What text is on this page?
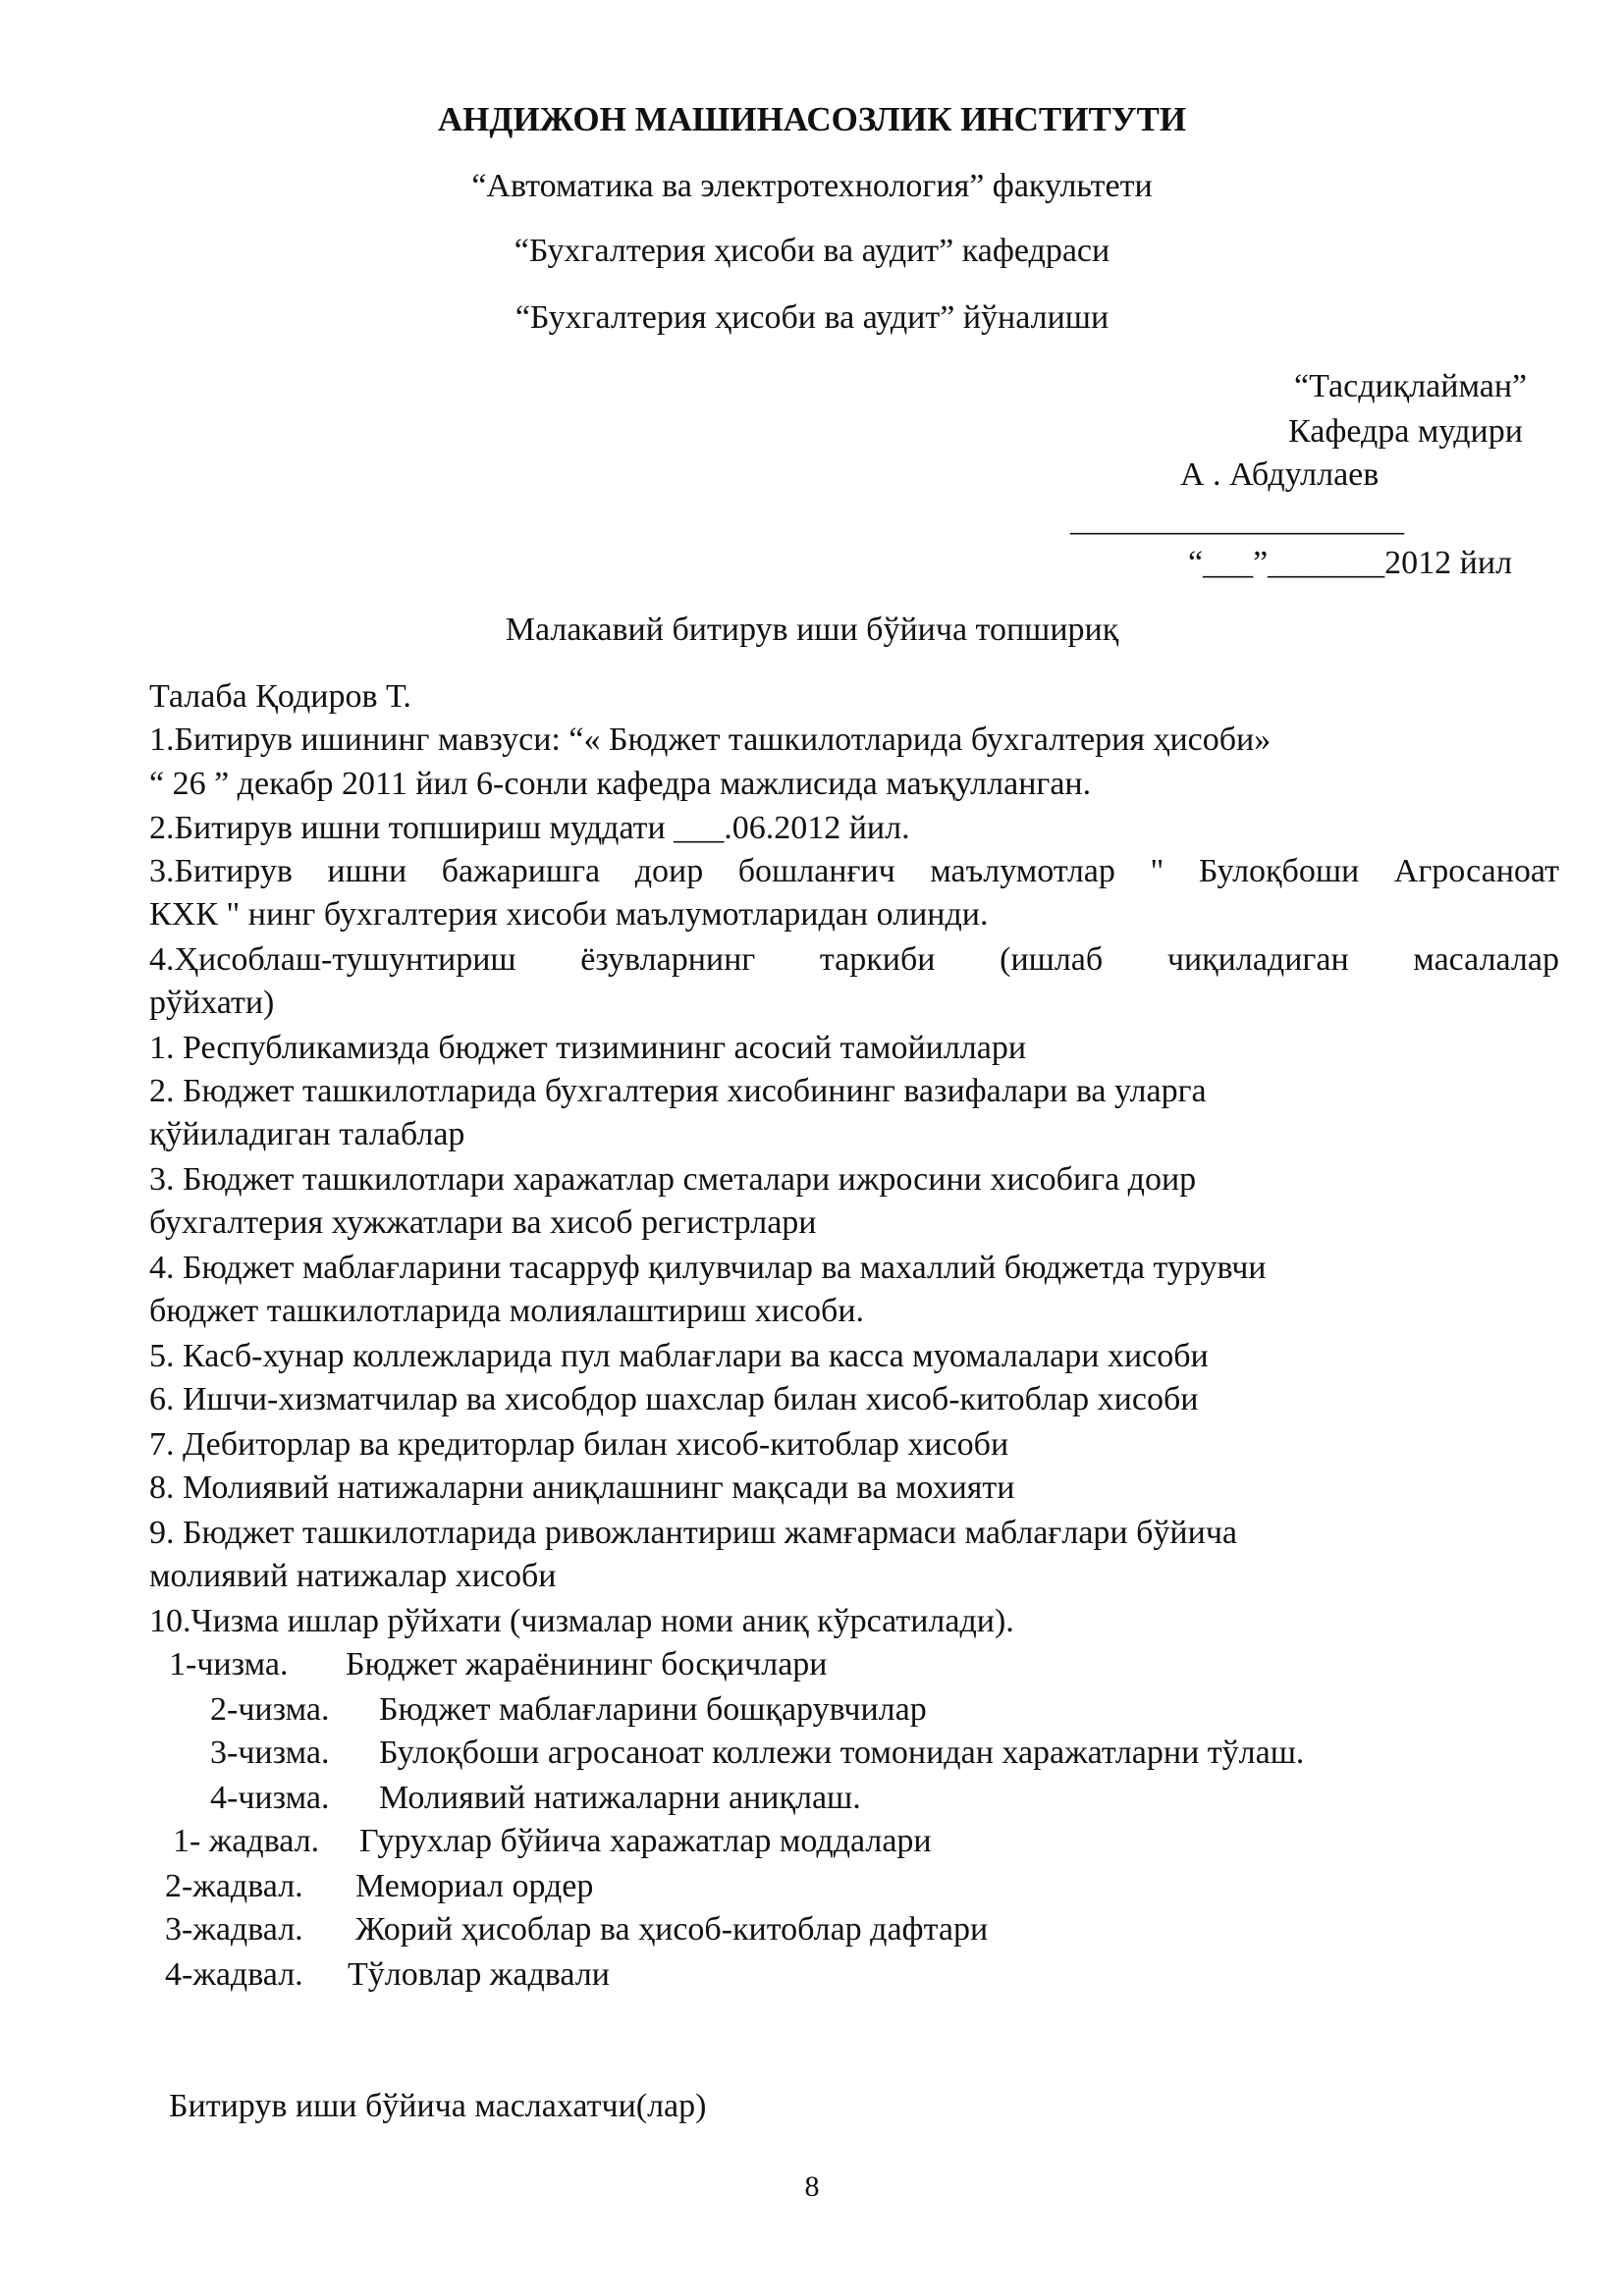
АНДИЖОН МАШИНАСОЗЛИК ИНСТИТУТИ
“Автоматика ва электротехнология” факультети
“Бухгалтерия ҳисоби ва аудит” кафедраси
“Бухгалтерия ҳисоби ва аудит” йўналиши
“Тасдиқлайман”
Кафедра мудири
А . Абдуллаев
____________________
“___”_______2012 йил
Малакавий битирув иши бўйича топшириқ
Талаба Қодиров Т.
1.Битирув ишининг мавзуси: “« Бюджет ташкилотларида бухгалтерия ҳисоби»
“ 26 ” декабр 2011 йил 6-сонли кафедра мажлисида маъқулланган.
2.Битирув ишни топшириш муддати ___.06.2012 йил.
3.Битирув ишни бажаришга доир бошланғич маълумотлар " Булоқбоши Агросаноат
КХК " нинг бухгалтерия хисоби маълумотларидан олинди.
4.Ҳисоблаш-тушунтириш ёзувларнинг таркиби (ишлаб чиқиладиган масалалар
рўйхати)
1. Республикамизда бюджет тизимининг асосий тамойиллари
2. Бюджет ташкилотларида бухгалтерия хисобининг вазифалари ва уларга
қўйиладиган талаблар
3. Бюджет ташкилотлари харажатлар сметалари ижросини хисобига доир
бухгалтерия хужжатлари ва хисоб регистрлари
4. Бюджет маблағларини тасарруф қилувчилар ва махаллий бюджетда турувчи
бюджет ташкилотларида молиялаштириш хисоби.
5. Касб-хунар коллежларида пул маблағлари ва касса муомалалари хисоби
6. Ишчи-хизматчилар ва хисобдор шахслар билан хисоб-китоблар хисоби
7. Дебиторлар ва кредиторлар билан хисоб-китоблар хисоби
8. Молиявий натижаларни аниқлашнинг мақсади ва мохияти
9. Бюджет ташкилотларида ривожлантириш жамғармаси маблағлари бўйича
молиявий натижалар хисоби
10.Чизма ишлар рўйхати (чизмалар номи аниқ кўрсатилади).
1-чизма. Бюджет жараёнининг босқичлари
2-чизма. Бюджет маблағларини бошқарувчилар
3-чизма. Булоқбоши агросаноат коллежи томонидан харажатларни тўлаш.
4-чизма. Молиявий натижаларни аниқлаш.
1- жадвал. Гурухлар бўйича харажатлар моддалари
2-жадвал. Мемориал ордер
3-жадвал. Жорий ҳисоблар ва ҳисоб-китоблар дафтари
4-жадвал. Тўловлар жадвали
Битирув иши бўйича маслахатчи(лар)
8
